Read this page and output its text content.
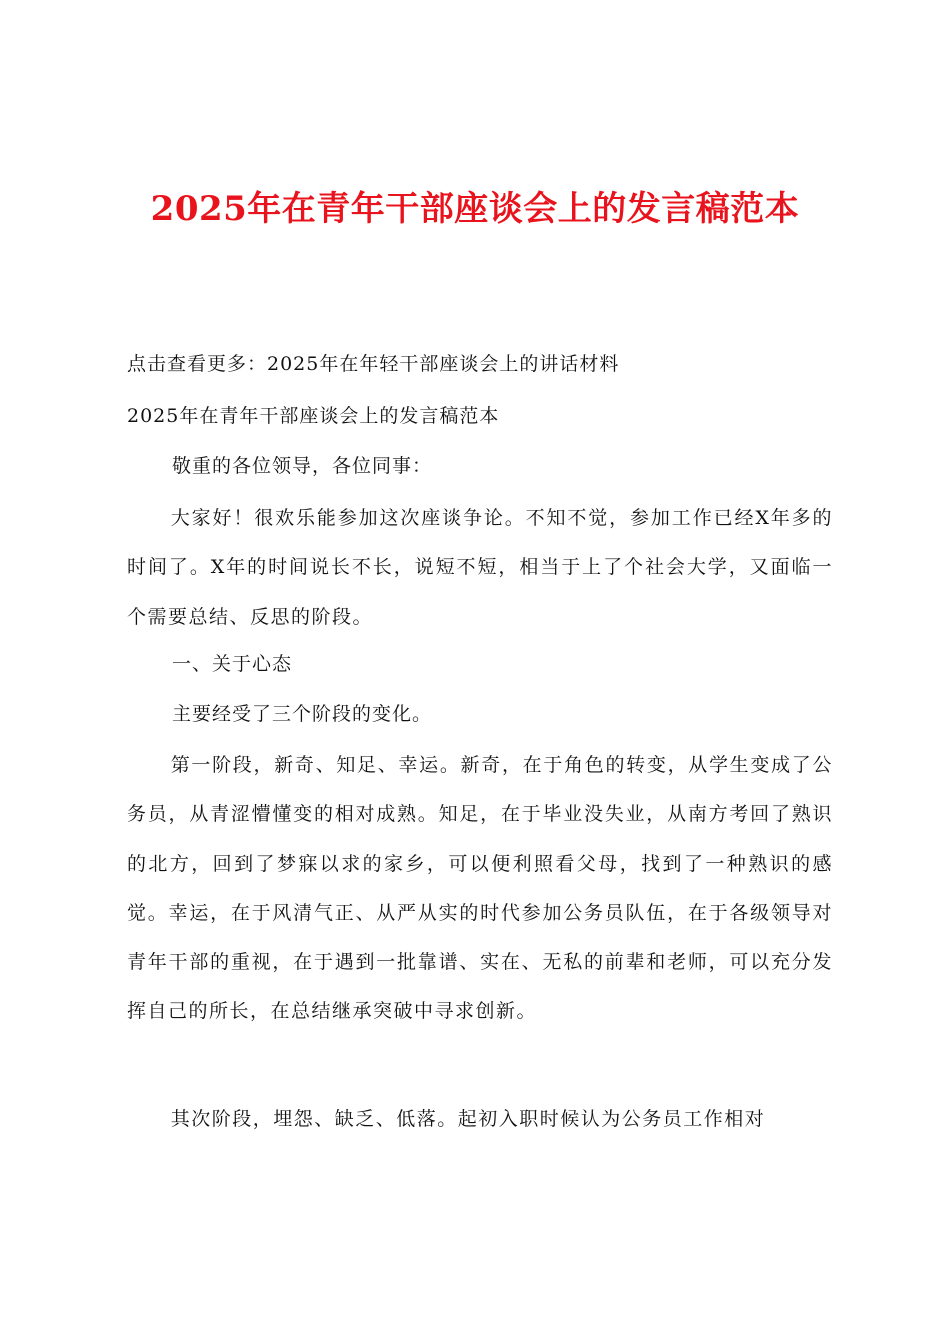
2025年在青年干部座谈会上的发言稿范本
点击查看更多：2025年在年轻干部座谈会上的讲话材料
2025年在青年干部座谈会上的发言稿范本
敬重的各位领导，各位同事：

大家好！很欢乐能参加这次座谈争论。不知不觉，参加工作已经X年多的时间了。X年的时间说长不长，说短不短，相当于上了个社会大学，又面临一个需要总结、反思的阶段。

一、关于心态
主要经受了三个阶段的变化。

第一阶段，新奇、知足、幸运。新奇，在于角色的转变，从学生变成了公务员，从青涩懵懂变的相对成熟。知足，在于毕业没失业，从南方考回了熟识的北方，回到了梦寐以求的家乡，可以便利照看父母，找到了一种熟识的感觉。幸运，在于风清气正、从严从实的时代参加公务员队伍，在于各级领导对青年干部的重视，在于遇到一批靠谱、实在、无私的前辈和老师，可以充分发挥自己的所长，在总结继承突破中寻求创新。

其次阶段，埋怨、缺乏、低落。起初入职时候认为公务员工作相对
